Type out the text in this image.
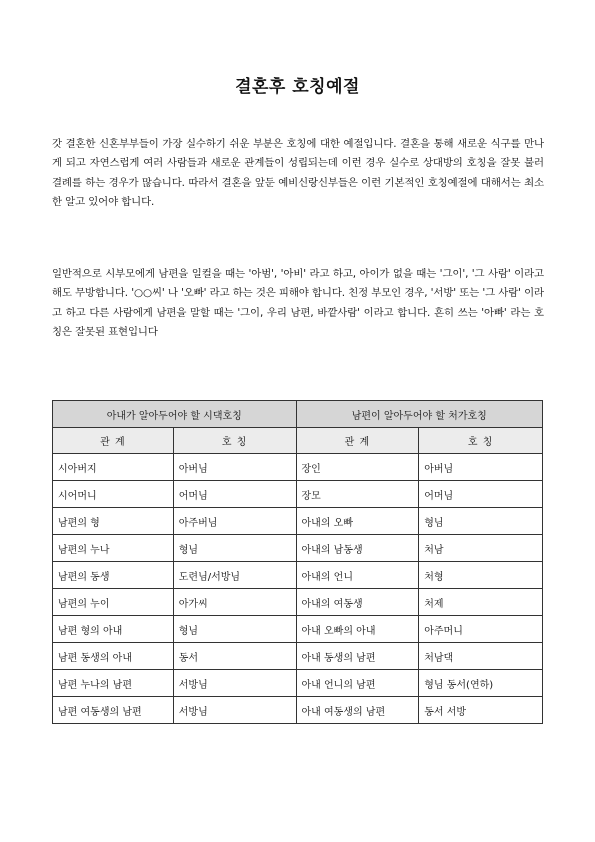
결혼후 호칭예절

갓 결혼한 신혼부부들이 가장 실수하기 쉬운 부분은 호칭에 대한 예절입니다. 결혼을 통해 새로운 식구를 만나게 되고 자연스럽게 여러 사람들과 새로운 관계들이 성립되는데 이런 경우 실수로 상대방의 호칭을 잘못 불러 결례를 하는 경우가 많습니다. 따라서 결혼을 앞둔 예비신랑신부들은 이런 기본적인 호칭예절에 대해서는 최소한 알고 있어야 합니다.

일반적으로 시부모에게 남편을 일컬을 때는 '아범', '아비' 라고 하고, 아이가 없을 때는 '그이', '그 사람' 이라고 해도 무방합니다. '○○씨' 나 '오빠' 라고 하는 것은 피해야 합니다. 친정 부모인 경우, '서방' 또는 '그 사람' 이라고 하고 다른 사람에게 남편을 말할 때는 '그이, 우리 남편, 바깥사람' 이라고 합니다. 흔히 쓰는 '아빠' 라는 호칭은 잘못된 표현입니다

아내가 알아두어야 할 시댁호칭		남편이 알아두어야 할 처가호칭	
관 계	호 칭	관 계	호 칭
시아버지	아버님	장인	아버님
시어머니	어머님	장모	어머님
남편의 형	아주버님	아내의 오빠	형님
남편의 누나	형님	아내의 남동생	처남
남편의 동생	도련님/서방님	아내의 언니	처형
남편의 누이	아가씨	아내의 여동생	처제
남편 형의 아내	형님	아내 오빠의 아내	아주머니
남편 동생의 아내	동서	아내 동생의 남편	처남댁
남편 누나의 남편	서방님	아내 언니의 남편	형님 동서(연하)
남편 여동생의 남편	서방님	아내 여동생의 남편	동서 서방
